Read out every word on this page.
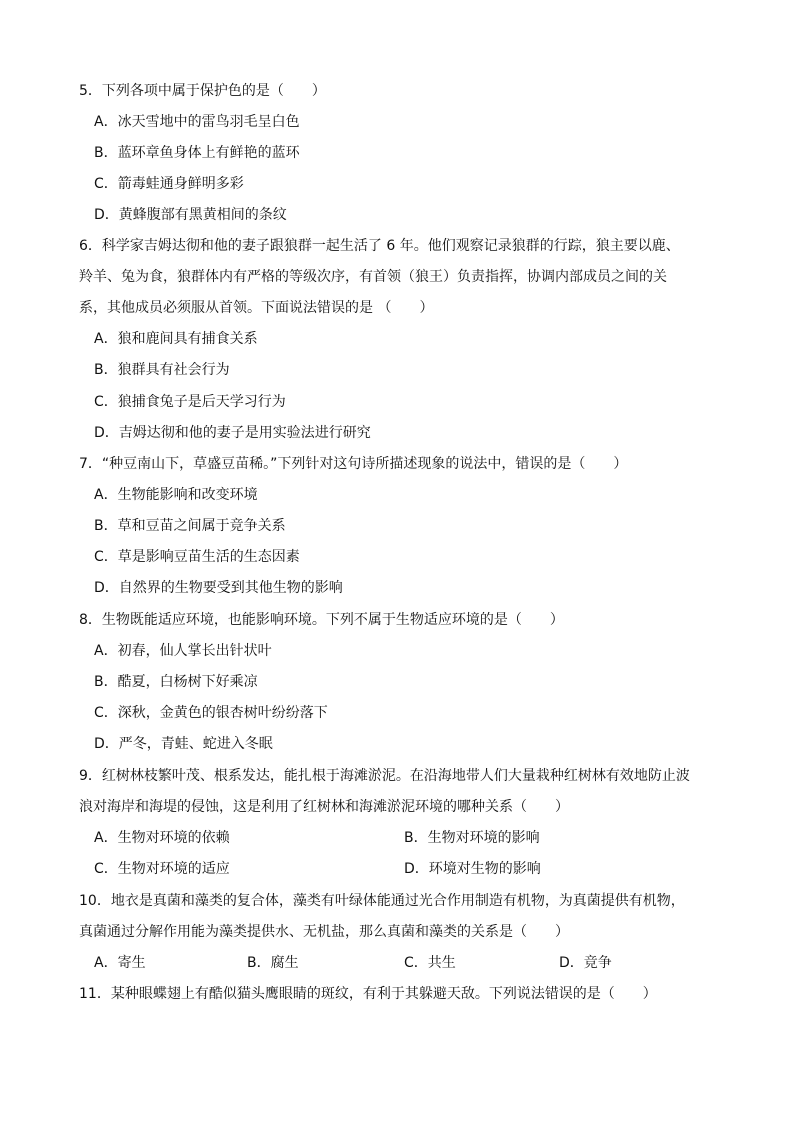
5．下列各项中属于保护色的是（　　）
A．冰天雪地中的雷鸟羽毛呈白色
B．蓝环章鱼身体上有鲜艳的蓝环
C．箭毒蛙通身鲜明多彩
D．黄蜂腹部有黑黄相间的条纹
6．科学家吉姆达彻和他的妻子跟狼群一起生活了 6 年。他们观察记录狼群的行踪，狼主要以鹿、
羚羊、兔为食，狼群体内有严格的等级次序，有首领（狼王）负责指挥，协调内部成员之间的关
系，其他成员必须服从首领。下面说法错误的是 （　　）
A．狼和鹿间具有捕食关系
B．狼群具有社会行为
C．狼捕食兔子是后天学习行为
D．吉姆达彻和他的妻子是用实验法进行研究
7．“种豆南山下，草盛豆苗稀。”下列针对这句诗所描述现象的说法中，错误的是（　　）
A．生物能影响和改变环境
B．草和豆苗之间属于竞争关系
C．草是影响豆苗生活的生态因素
D．自然界的生物要受到其他生物的影响
8．生物既能适应环境，也能影响环境。下列不属于生物适应环境的是（　　）
A．初春，仙人掌长出针状叶
B．酷夏，白杨树下好乘凉
C．深秋，金黄色的银杏树叶纷纷落下
D．严冬，青蛙、蛇进入冬眠
9．红树林枝繁叶茂、根系发达，能扎根于海滩淤泥。在沿海地带人们大量栽种红树林有效地防止波
浪对海岸和海堤的侵蚀，这是利用了红树林和海滩淤泥环境的哪种关系（　　）
A．生物对环境的依赖	B．生物对环境的影响
C．生物对环境的适应	D．环境对生物的影响
10．地衣是真菌和藻类的复合体，藻类有叶绿体能通过光合作用制造有机物，为真菌提供有机物，
真菌通过分解作用能为藻类提供水、无机盐，那么真菌和藻类的关系是（　　）
A．寄生	B．腐生	C．共生	D．竞争
11．某种眼蝶翅上有酷似猫头鹰眼睛的斑纹，有利于其躲避天敌。下列说法错误的是（　　）
